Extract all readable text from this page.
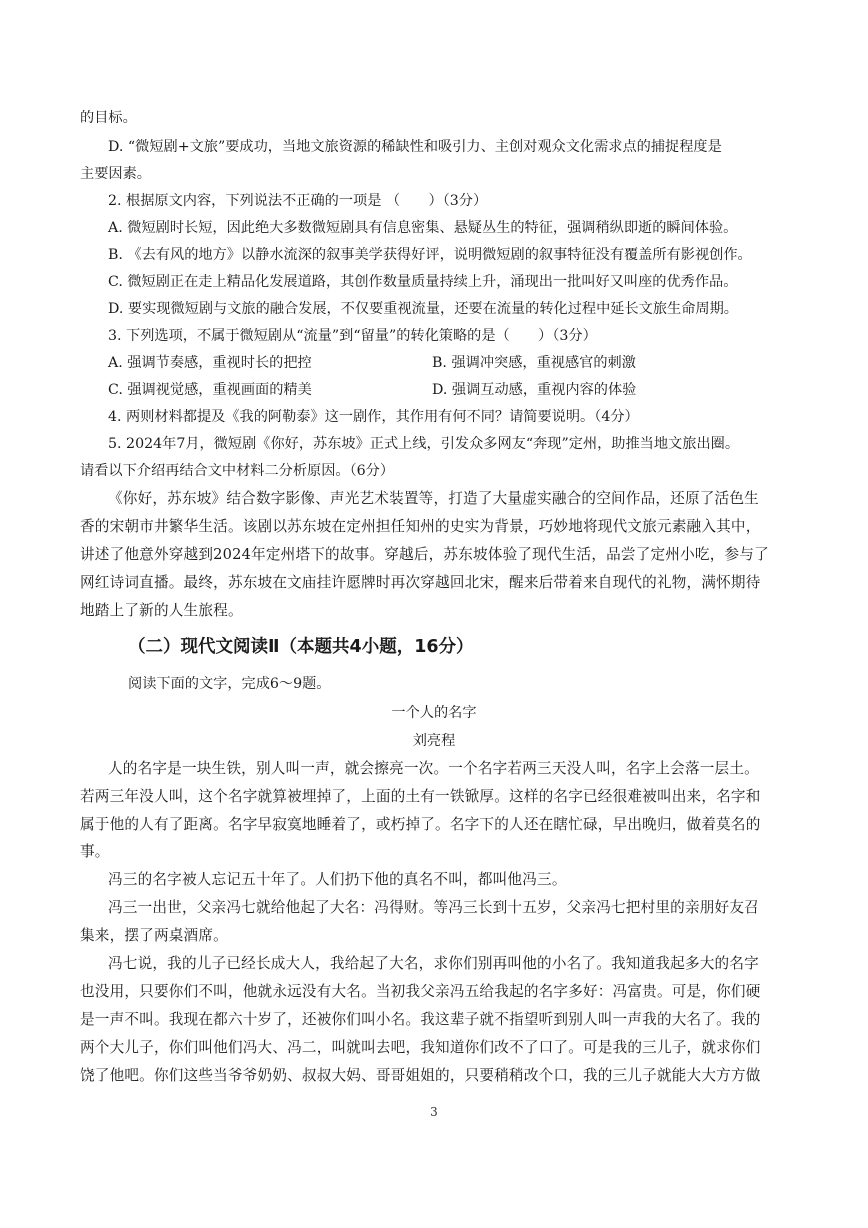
的目标。
D. “微短剧+文旅”要成功，当地文旅资源的稀缺性和吸引力、主创对观众文化需求点的捕捉程度是
主要因素。
2. 根据原文内容，下列说法不正确的一项是 （　　）（3分）
A. 微短剧时长短，因此绝大多数微短剧具有信息密集、悬疑丛生的特征，强调稍纵即逝的瞬间体验。
B. 《去有风的地方》以静水流深的叙事美学获得好评，说明微短剧的叙事特征没有覆盖所有影视创作。
C. 微短剧正在走上精品化发展道路，其创作数量质量持续上升，涌现出一批叫好又叫座的优秀作品。
D. 要实现微短剧与文旅的融合发展，不仅要重视流量，还要在流量的转化过程中延长文旅生命周期。
3. 下列选项，不属于微短剧从“流量”到“留量”的转化策略的是（　　）（3分）
A. 强调节奏感，重视时长的把控	B. 强调冲突感，重视感官的刺激
C. 强调视觉感，重视画面的精美	D. 强调互动感，重视内容的体验
4. 两则材料都提及《我的阿勒泰》这一剧作，其作用有何不同？请简要说明。（4分）
5. 2024年7月，微短剧《你好，苏东坡》正式上线，引发众多网友“奔现”定州，助推当地文旅出圈。
请看以下介绍再结合文中材料二分析原因。（6分）
《你好，苏东坡》结合数字影像、声光艺术装置等，打造了大量虚实融合的空间作品，还原了活色生
香的宋朝市井繁华生活。该剧以苏东坡在定州担任知州的史实为背景，巧妙地将现代文旅元素融入其中，
讲述了他意外穿越到2024年定州塔下的故事。穿越后，苏东坡体验了现代生活，品尝了定州小吃，参与了
网红诗词直播。最终，苏东坡在文庙挂许愿牌时再次穿越回北宋，醒来后带着来自现代的礼物，满怀期待
地踏上了新的人生旅程。
（二）现代文阅读Ⅱ（本题共4小题，16分）
阅读下面的文字，完成6～9题。
一个人的名字
刘亮程
人的名字是一块生铁，别人叫一声，就会擦亮一次。一个名字若两三天没人叫，名字上会落一层土。
若两三年没人叫，这个名字就算被埋掉了，上面的土有一铁锨厚。这样的名字已经很难被叫出来，名字和
属于他的人有了距离。名字早寂寞地睡着了，或朽掉了。名字下的人还在瞎忙碌，早出晚归，做着莫名的
事。
冯三的名字被人忘记五十年了。人们扔下他的真名不叫，都叫他冯三。
冯三一出世，父亲冯七就给他起了大名：冯得财。等冯三长到十五岁，父亲冯七把村里的亲朋好友召
集来，摆了两桌酒席。
冯七说，我的儿子已经长成大人，我给起了大名，求你们别再叫他的小名了。我知道我起多大的名字
也没用，只要你们不叫，他就永远没有大名。当初我父亲冯五给我起的名字多好：冯富贵。可是，你们硬
是一声不叫。我现在都六十岁了，还被你们叫小名。我这辈子就不指望听到别人叫一声我的大名了。我的
两个大儿子，你们叫他们冯大、冯二，叫就叫去吧，我知道你们改不了口了。可是我的三儿子，就求你们
饶了他吧。你们这些当爷爷奶奶、叔叔大妈、哥哥姐姐的，只要稍稍改个口，我的三儿子就能大大方方做
3
